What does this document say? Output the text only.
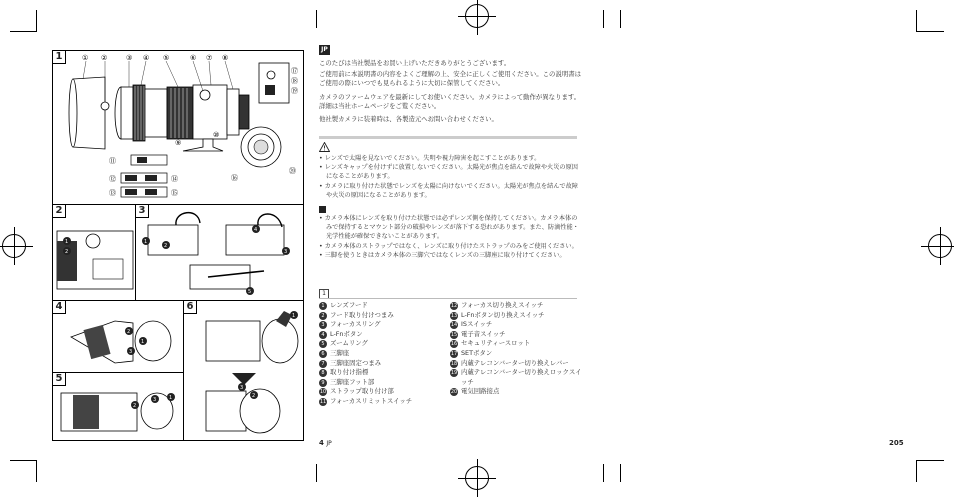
1	① ②	③ ④ ⑤	⑥ ⑦ ⑧
⑨
⑩
⑪
⑫
⑬
⑭
⑮
⑯
⑰
⑱
⑲
⑳
2
1
2
3
1
2
4
3
5
4
2
1
3
5
2
3	1
6
1
3
2
JP
このたびは当社製品をお買い上げいただきありがとうございます。
ご使用前に本説明書の内容をよくご理解の上、安全に正しくご使用ください。この説明書はご使用の際にいつでも見られるように大切に保管してください。
カメラのファームウェアを最新にしてお使いください。カメラによって動作が異なります。詳細は当社ホームページをご覧ください。
他社製カメラに装着時は、各製造元へお問い合わせください。
• レンズで太陽を見ないでください。失明や視力障害を起こすことがあります。
• レンズキャップを付けずに放置しないでください。太陽光が焦点を結んで故障や火災の原因になることがあります。
• カメラに取り付けた状態でレンズを太陽に向けないでください。太陽光が焦点を結んで故障や火災の原因になることがあります。
• カメラ本体にレンズを取り付けた状態では必ずレンズ側を保持してください。カメラ本体のみで保持するとマウント部分の破損やレンズが落下する恐れがあります。また、防滴性能・光学性能が確保できないことがあります。
• カメラ本体のストラップではなく、レンズに取り付けたストラップのみをご使用ください。
• 三脚を使うときはカメラ本体の三脚穴ではなくレンズの三脚座に取り付けてください。
1
1 レンズフード
2 フード取り付けつまみ
3 フォーカスリング
4 L-Fnボタン
5 ズームリング
6 三脚座
7 三脚座固定つまみ
8 取り付け指標
9 三脚座フット部
10 ストラップ取り付け部
11 フォーカスリミットスイッチ
12 フォーカス切り換えスイッチ
13 L-Fnボタン切り換えスイッチ
14 ISスイッチ
15 電子音スイッチ
16 セキュリティースロット
17 SETボタン
18 内蔵テレコンバーター切り換えレバー
19 内蔵テレコンバーター切り換えロックスイッチ
20 電気回路接点
4 JP	205
